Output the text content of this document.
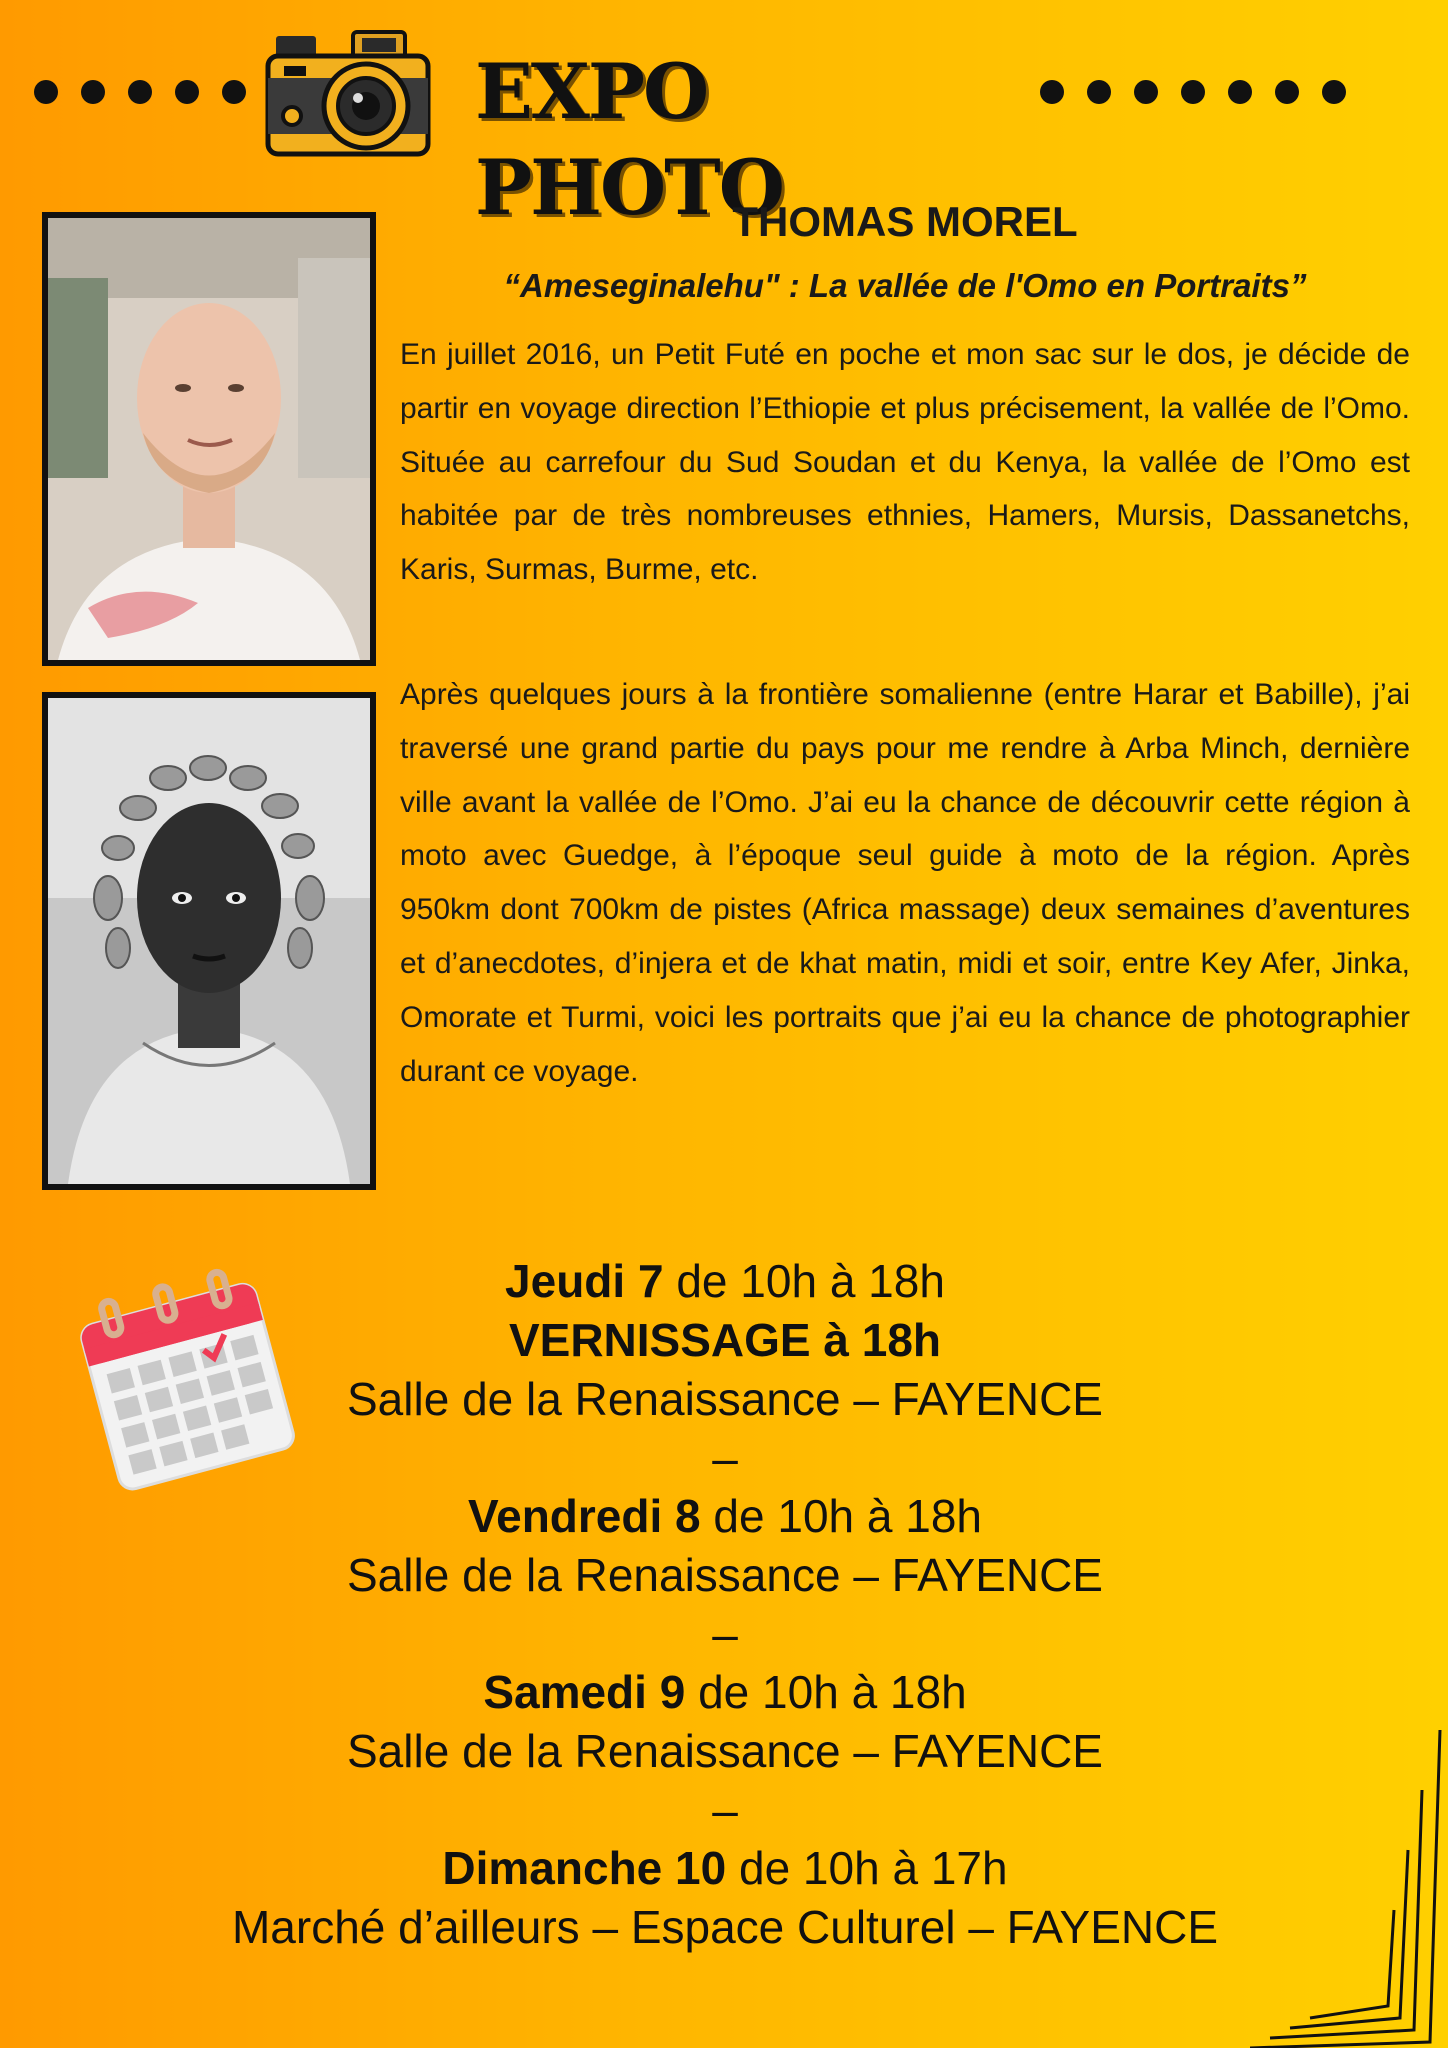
EXPO PHOTO
THOMAS MOREL
“Ameseginalehu" : La vallée de l'Omo en Portraits”

En juillet 2016, un Petit Futé en poche et mon sac sur le dos, je décide de partir en voyage direction l’Ethiopie et plus précisement, la vallée de l’Omo. Située au carrefour du Sud Soudan et du Kenya, la vallée de l’Omo est habitée par de très nombreuses ethnies, Hamers, Mursis, Dassanetchs, Karis, Surmas, Burme, etc.

Après quelques jours à la frontière somalienne (entre Harar et Babille), j’ai traversé une grand partie du pays pour me rendre à Arba Minch, dernière ville avant la vallée de l’Omo. J’ai eu la chance de découvrir cette région à moto avec Guedge, à l’époque seul guide à moto de la région. Après 950km dont 700km de pistes (Africa massage) deux semaines d’aventures et d’anecdotes, d’injera et de khat matin, midi et soir, entre Key Afer, Jinka, Omorate et Turmi, voici les portraits que j’ai eu la chance de photographier durant ce voyage.

Jeudi 7 de 10h à 18h
VERNISSAGE à 18h
Salle de la Renaissance – FAYENCE
–
Vendredi 8 de 10h à 18h
Salle de la Renaissance – FAYENCE
–
Samedi 9 de 10h à 18h
Salle de la Renaissance – FAYENCE
–
Dimanche 10 de 10h à 17h
Marché d’ailleurs – Espace Culturel – FAYENCE
